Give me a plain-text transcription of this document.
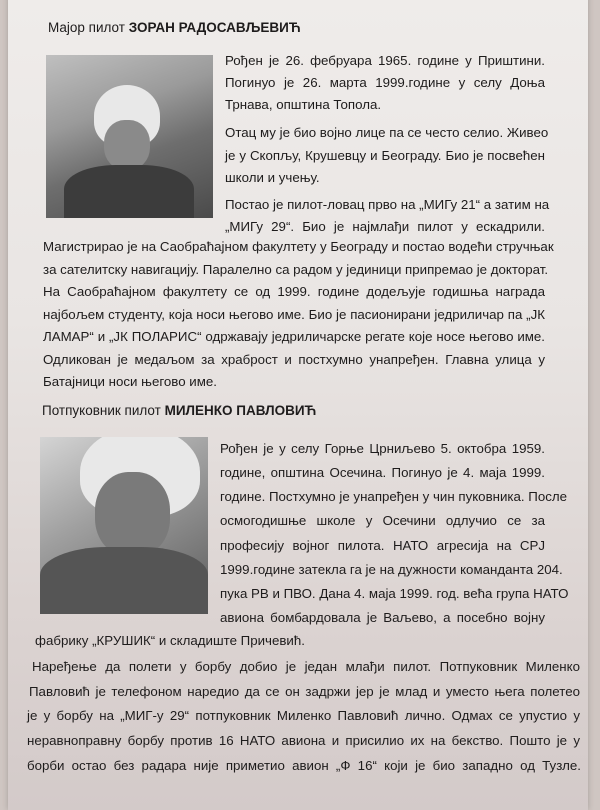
Мајор пилот ЗОРАН РАДОСАВЉЕВИЋ
Рођен је 26. фебруара 1965. године у Приштини.
Погинуо је 26. марта 1999.године у селу Доња
Трнава, општина Топола.
Отац му је био војно лице па се често селио. Живео
је у Скопљу, Крушевцу и Београду. Био је посвећен
школи и учењу.
Постао је пилот-ловац прво на „МИГу 21“ а затим на
„МИГу 29“. Био је најмлађи пилот у ескадрили.
Магистрирао је на Саобраћајном факултету у Београду и постао водећи стручњак
за сателитску навигацију. Паралелно са радом у јединици припремао је докторат.
На Саобраћајном факултету се од 1999. године додељује годишња награда
најбољем студенту, која носи његово име. Био је пасионирани једриличар па „ЈК
ЛАМАР“ и „ЈК ПОЛАРИС“ одржавају једриличарске регате које носе његово име.
Одликован је медаљом за храброст и постхумно унапређен. Главна улица у
Батајници носи његово име.
Потпуковник пилот МИЛЕНКО ПАВЛОВИЋ
Рођен је у селу Горње Црниљево 5. октобра 1959.
године, општина Осечина. Погинуо је 4. маја 1999.
године. Постхумно је унапређен у чин пуковника. После
осмогодишње школе у Осечини одлучио се за
професију војног пилота. НАТО агресија на СРЈ
1999.године затекла га је на дужности команданта 204.
пука РВ и ПВО. Дана 4. маја 1999. год. већа група НАТО
авиона бомбардовала је Ваљево, а посебно војну
фабрику „КРУШИК“ и складиште Причевић.
Наређење да полети у борбу добио је један млађи пилот. Потпуковник Миленко
Павловић је телефоном наредио да се он задржи јер је млад и уместо њега полетео
је у борбу на „МИГ-у 29“ потпуковник Миленко Павловић лично. Одмах се упустио у
неравноправну борбу против 16 НАТО авиона и присилио их на бекство. Пошто је у
борби остао без радара није приметио авион „Ф 16“ који је био западно од Тузле.
